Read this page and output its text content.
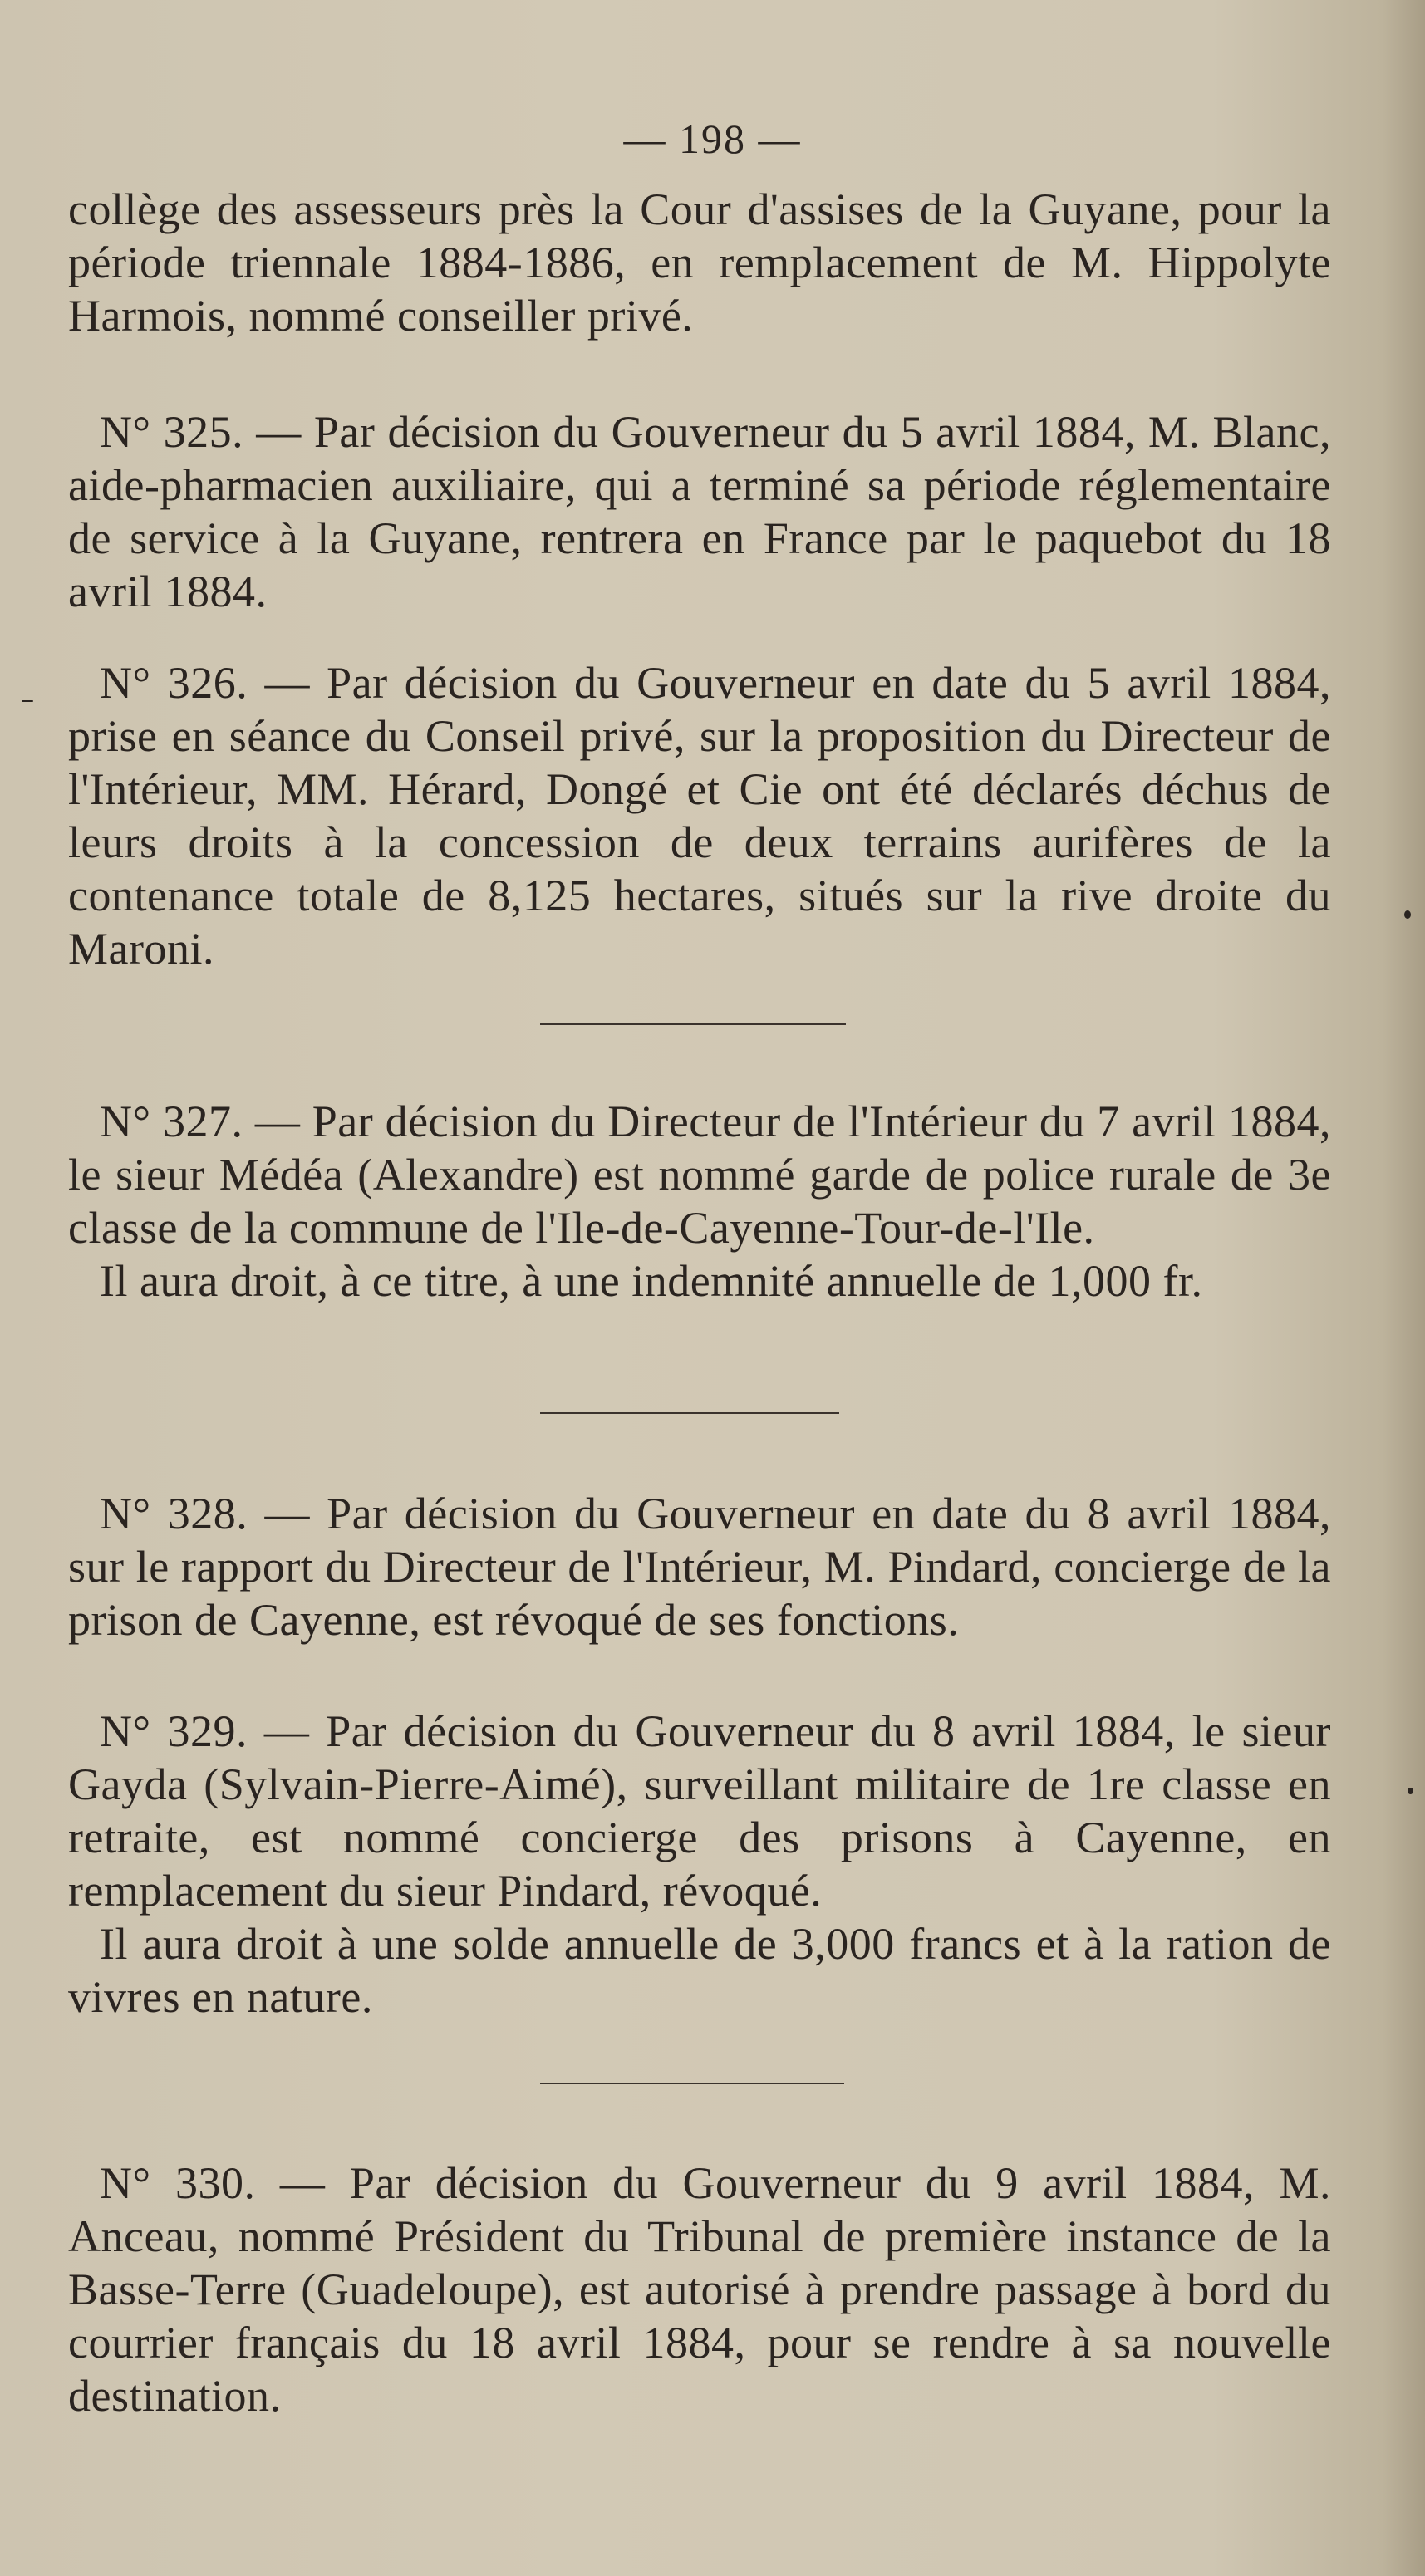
— 198 —

collège des assesseurs près la Cour d'assises de la Guyane, pour la période triennale 1884-1886, en remplacement de M. Hippolyte Harmois, nommé conseiller privé.

N° 325. — Par décision du Gouverneur du 5 avril 1884, M. Blanc, aide-pharmacien auxiliaire, qui a terminé sa période réglementaire de service à la Guyane, rentrera en France par le paquebot du 18 avril 1884.

N° 326. — Par décision du Gouverneur en date du 5 avril 1884, prise en séance du Conseil privé, sur la proposition du Directeur de l'Intérieur, MM. Hérard, Dongé et Cie ont été déclarés déchus de leurs droits à la concession de deux terrains aurifères de la contenance totale de 8,125 hectares, situés sur la rive droite du Maroni.

N° 327. — Par décision du Directeur de l'Intérieur du 7 avril 1884, le sieur Médéa (Alexandre) est nommé garde de police rurale de 3e classe de la commune de l'Ile-de-Cayenne-Tour-de-l'Ile.

Il aura droit, à ce titre, à une indemnité annuelle de 1,000 fr.

N° 328. — Par décision du Gouverneur en date du 8 avril 1884, sur le rapport du Directeur de l'Intérieur, M. Pindard, concierge de la prison de Cayenne, est révoqué de ses fonctions.

N° 329. — Par décision du Gouverneur du 8 avril 1884, le sieur Gayda (Sylvain-Pierre-Aimé), surveillant militaire de 1re classe en retraite, est nommé concierge des prisons à Cayenne, en remplacement du sieur Pindard, révoqué.

Il aura droit à une solde annuelle de 3,000 francs et à la ration de vivres en nature.

N° 330. — Par décision du Gouverneur du 9 avril 1884, M. Anceau, nommé Président du Tribunal de première instance de la Basse-Terre (Guadeloupe), est autorisé à prendre passage à bord du courrier français du 18 avril 1884, pour se rendre à sa nouvelle destination.
